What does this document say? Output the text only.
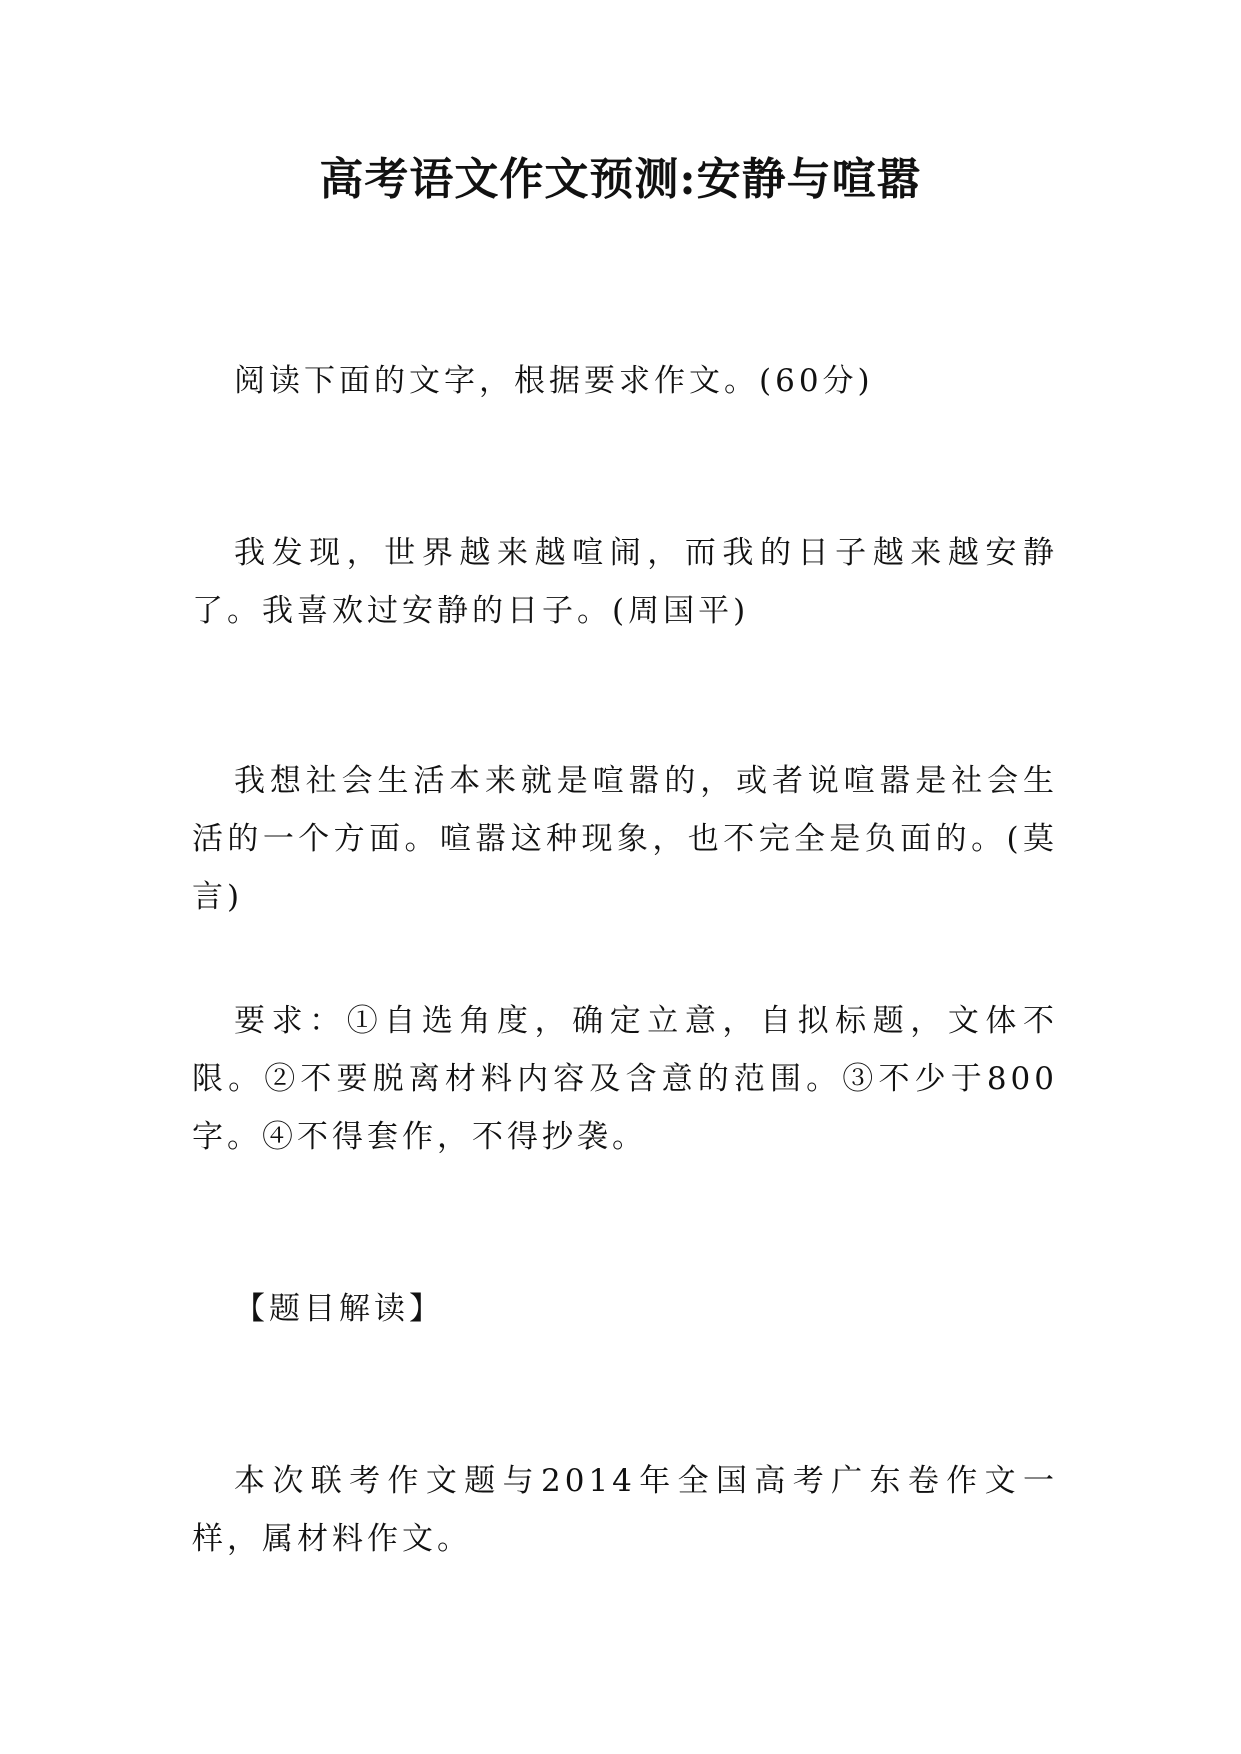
高考语文作文预测:安静与喧嚣
阅读下面的文字，根据要求作文。(60分)
我发现，世界越来越喧闹，而我的日子越来越安静了。我喜欢过安静的日子。(周国平)
我想社会生活本来就是喧嚣的，或者说喧嚣是社会生活的一个方面。喧嚣这种现象，也不完全是负面的。(莫言)
要求：①自选角度，确定立意，自拟标题，文体不限。②不要脱离材料内容及含意的范围。③不少于800字。④不得套作，不得抄袭。
【题目解读】
本次联考作文题与2014年全国高考广东卷作文一样，属材料作文。
